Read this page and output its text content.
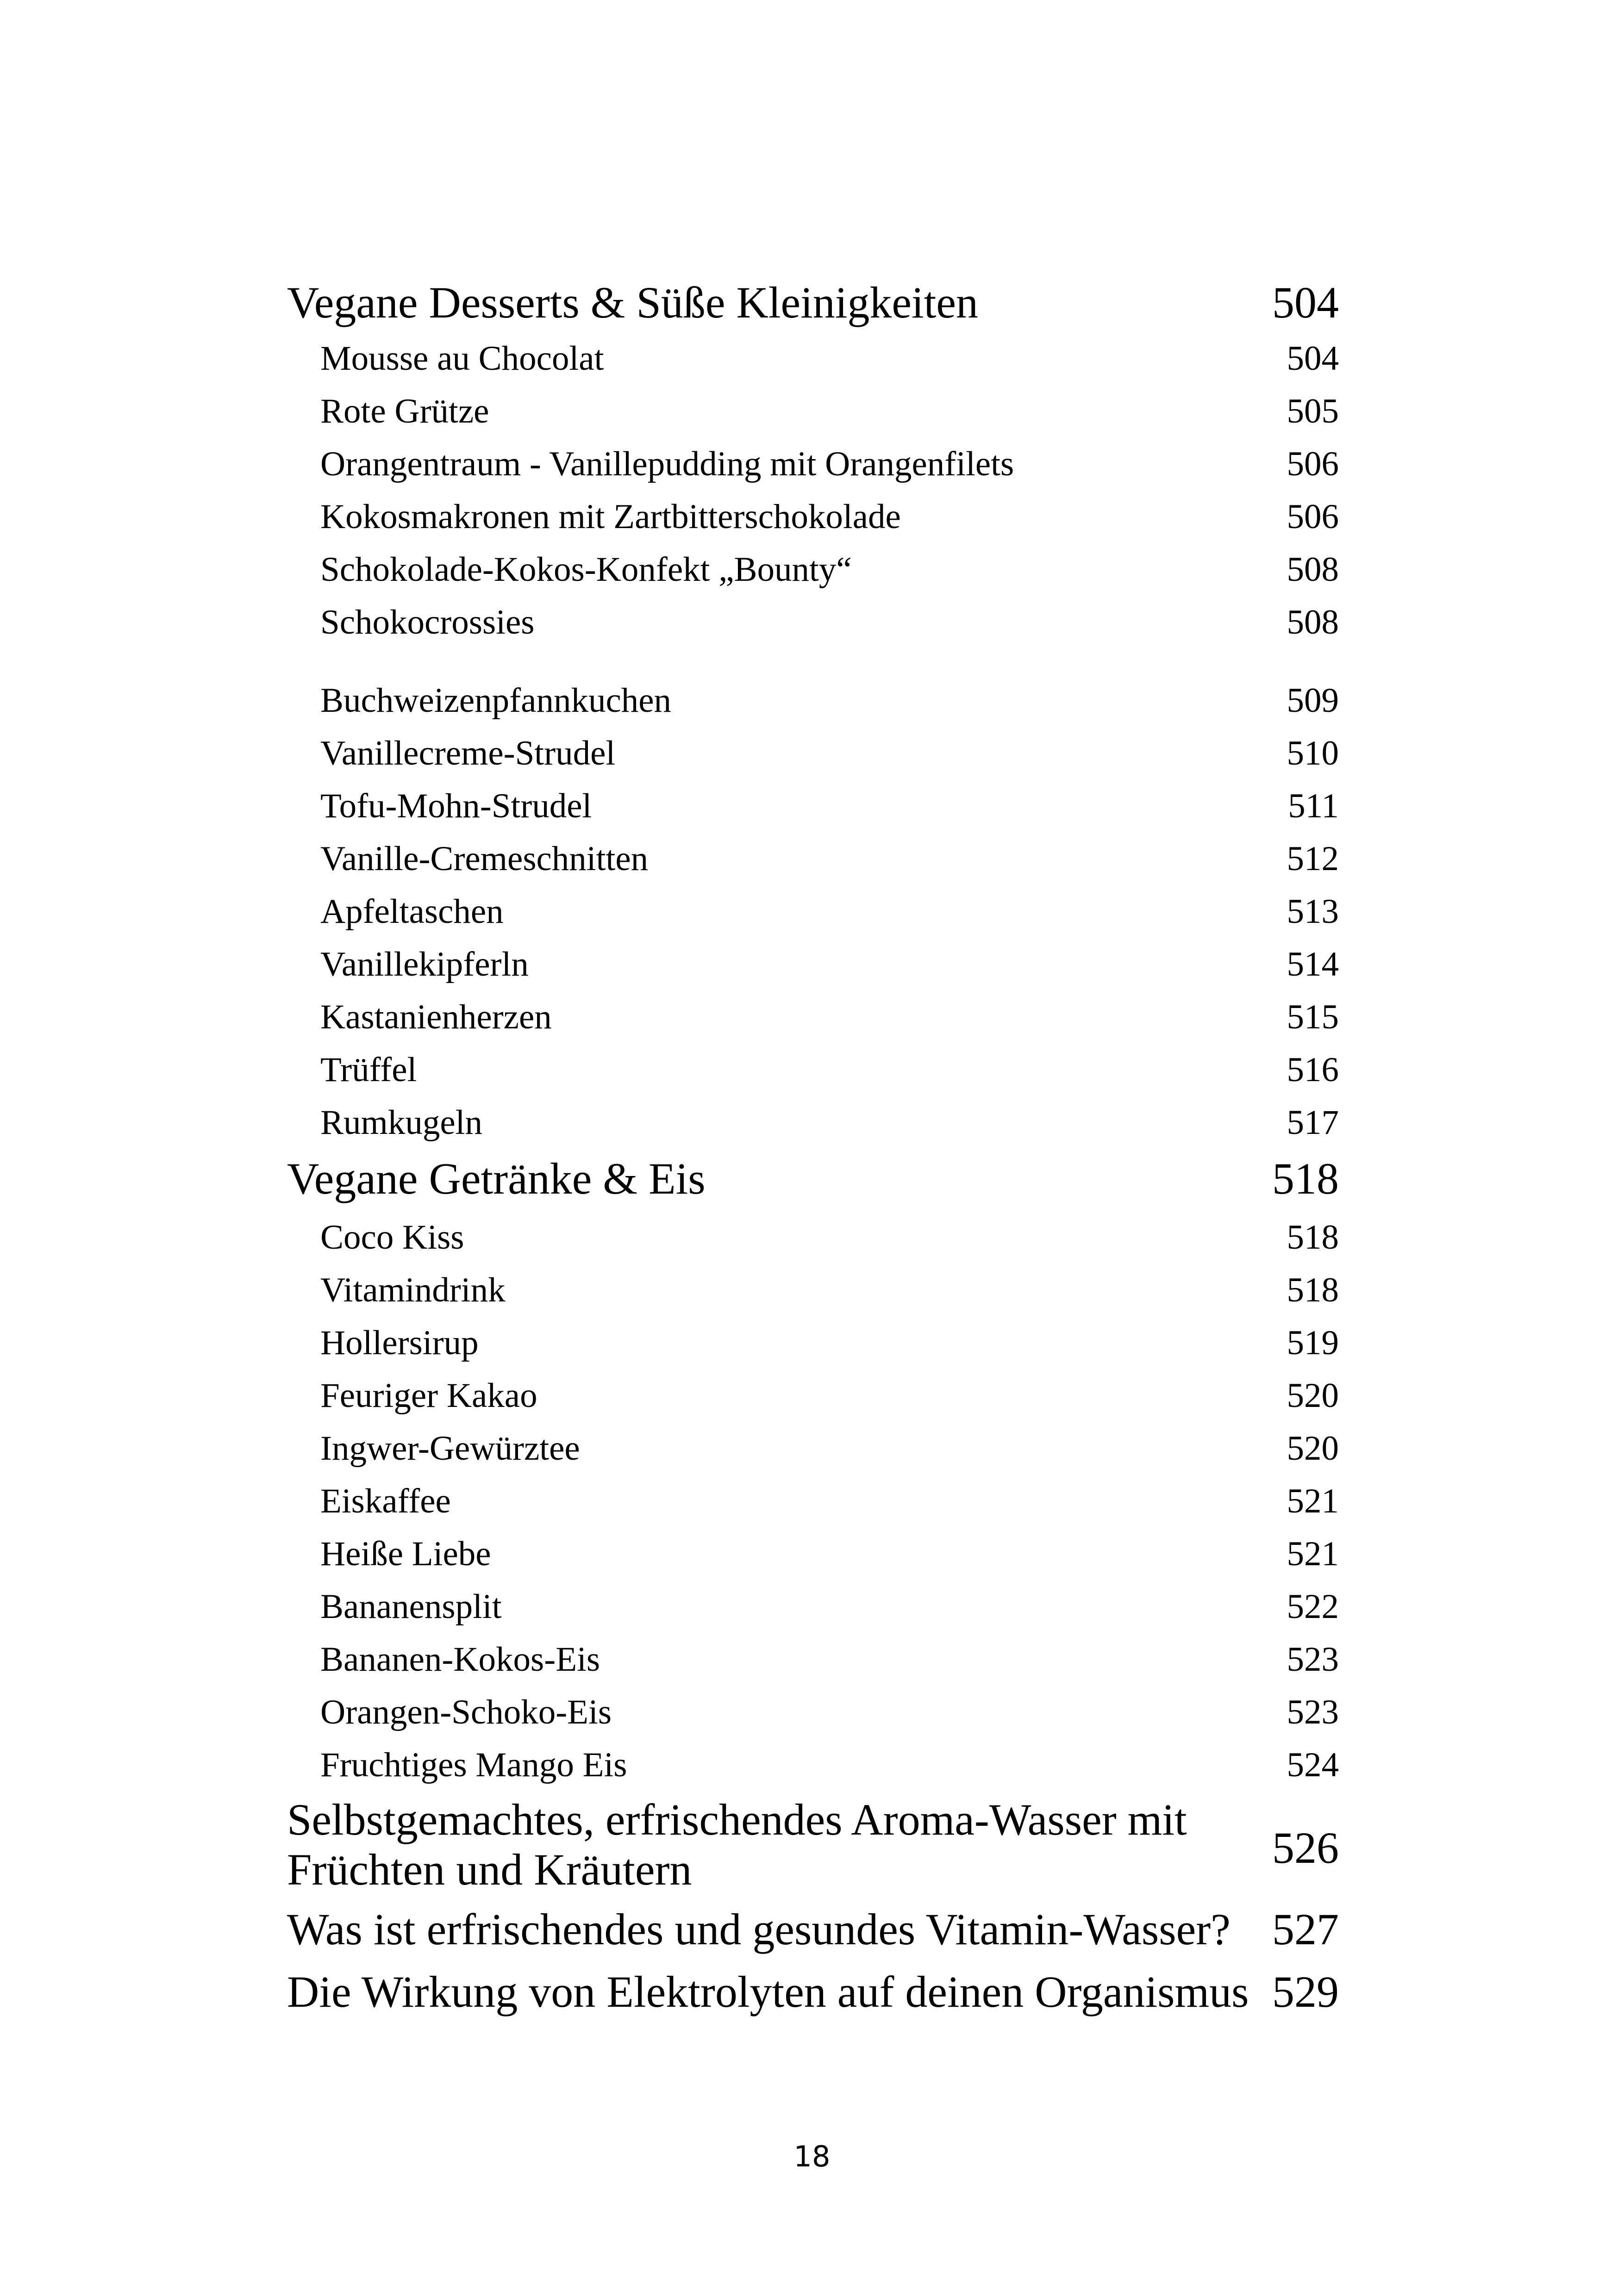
Vegane Desserts & Süße Kleinigkeiten	504
Mousse au Chocolat	504
Rote Grütze	505
Orangentraum - Vanillepudding mit Orangenfilets	506
Kokosmakronen mit Zartbitterschokolade	506
Schokolade-Kokos-Konfekt „Bounty“	508
Schokocrossies	508
Buchweizenpfannkuchen	509
Vanillecreme-Strudel	510
Tofu-Mohn-Strudel	511
Vanille-Cremeschnitten	512
Apfeltaschen	513
Vanillekipferln	514
Kastanienherzen	515
Trüffel	516
Rumkugeln	517
Vegane Getränke & Eis	518
Coco Kiss	518
Vitamindrink	518
Hollersirup	519
Feuriger Kakao	520
Ingwer-Gewürztee	520
Eiskaffee	521
Heiße Liebe	521
Bananensplit	522
Bananen-Kokos-Eis	523
Orangen-Schoko-Eis	523
Fruchtiges Mango Eis	524
Selbstgemachtes, erfrischendes Aroma-Wasser mit Früchten und Kräutern	526
Was ist erfrischendes und gesundes Vitamin-Wasser? 527
Die Wirkung von Elektrolyten auf deinen Organismus 529
18
